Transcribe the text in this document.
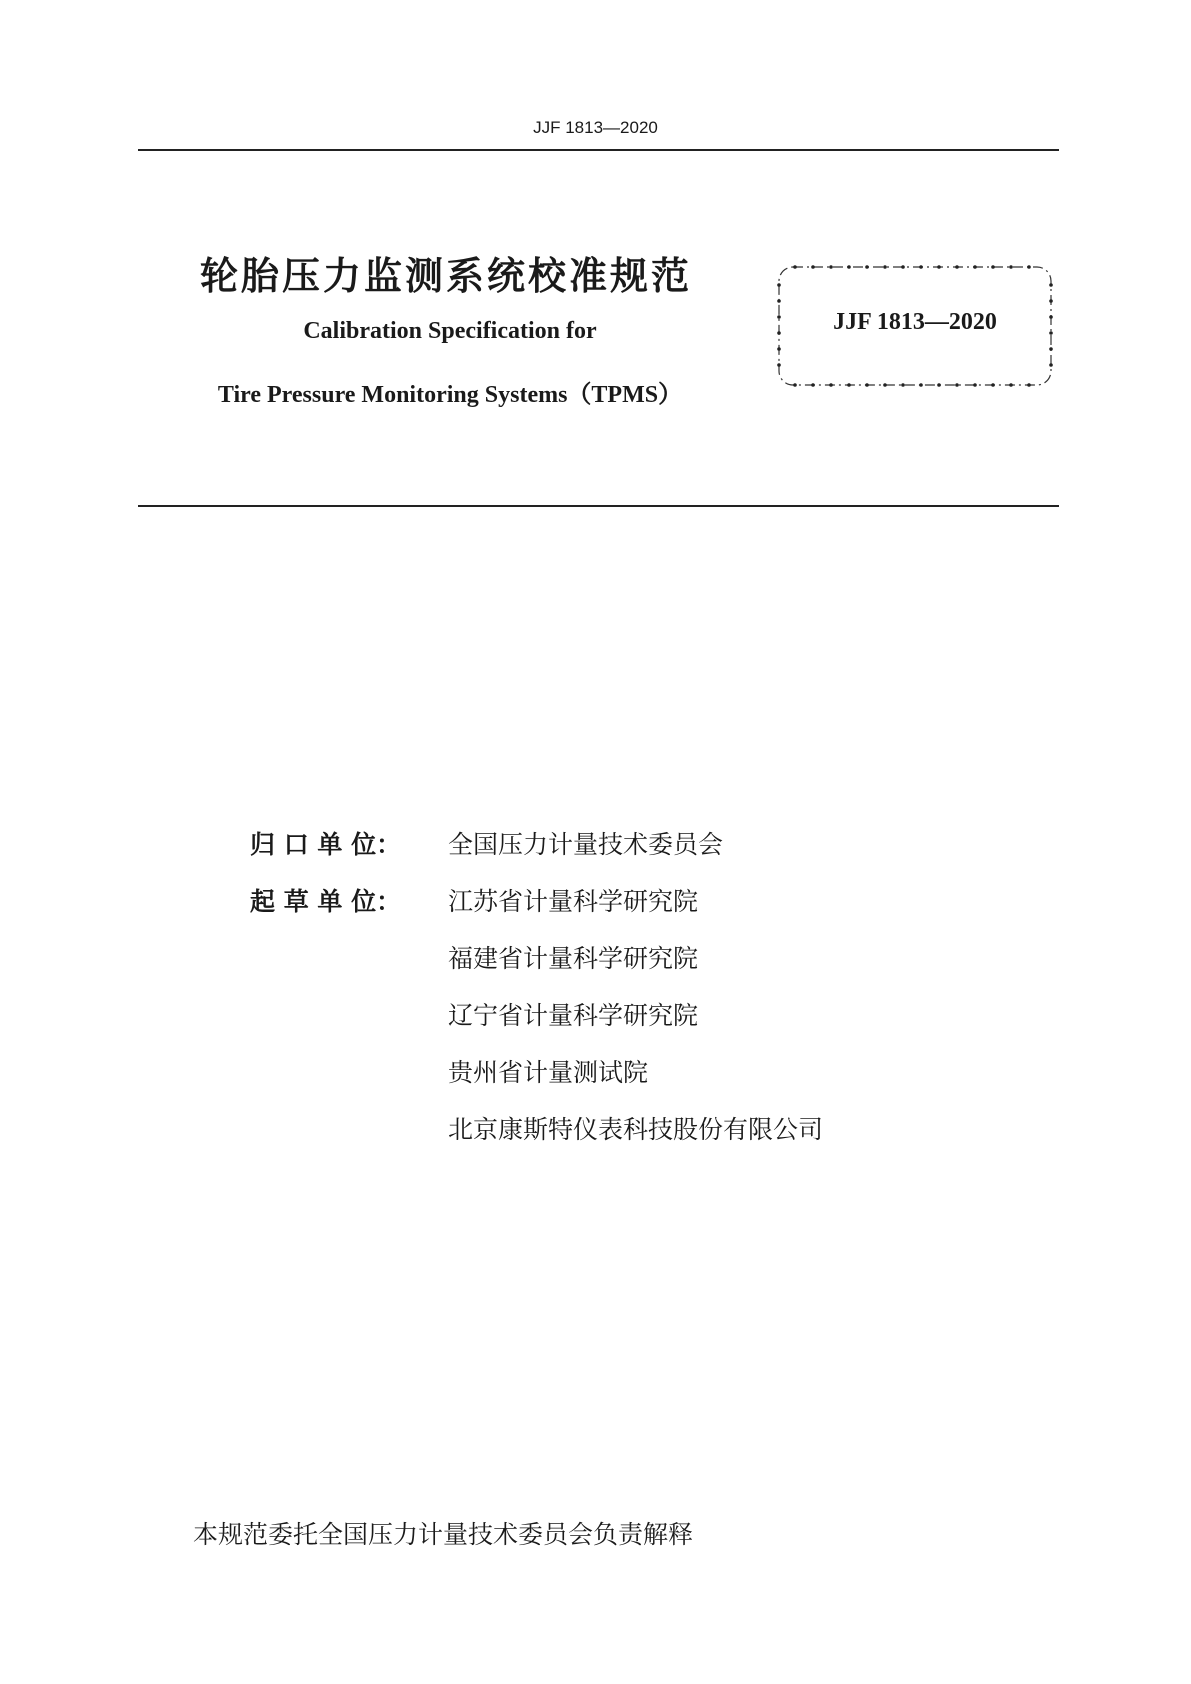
JJF 1813—2020
轮胎压力监测系统校准规范
Calibration Specification for
Tire Pressure Monitoring Systems（TPMS）
JJF 1813—2020
归 口 单 位： 全国压力计量技术委员会
起 草 单 位：	江苏省计量科学研究院
福建省计量科学研究院
辽宁省计量科学研究院
贵州省计量测试院
北京康斯特仪表科技股份有限公司
本规范委托全国压力计量技术委员会负责解释
